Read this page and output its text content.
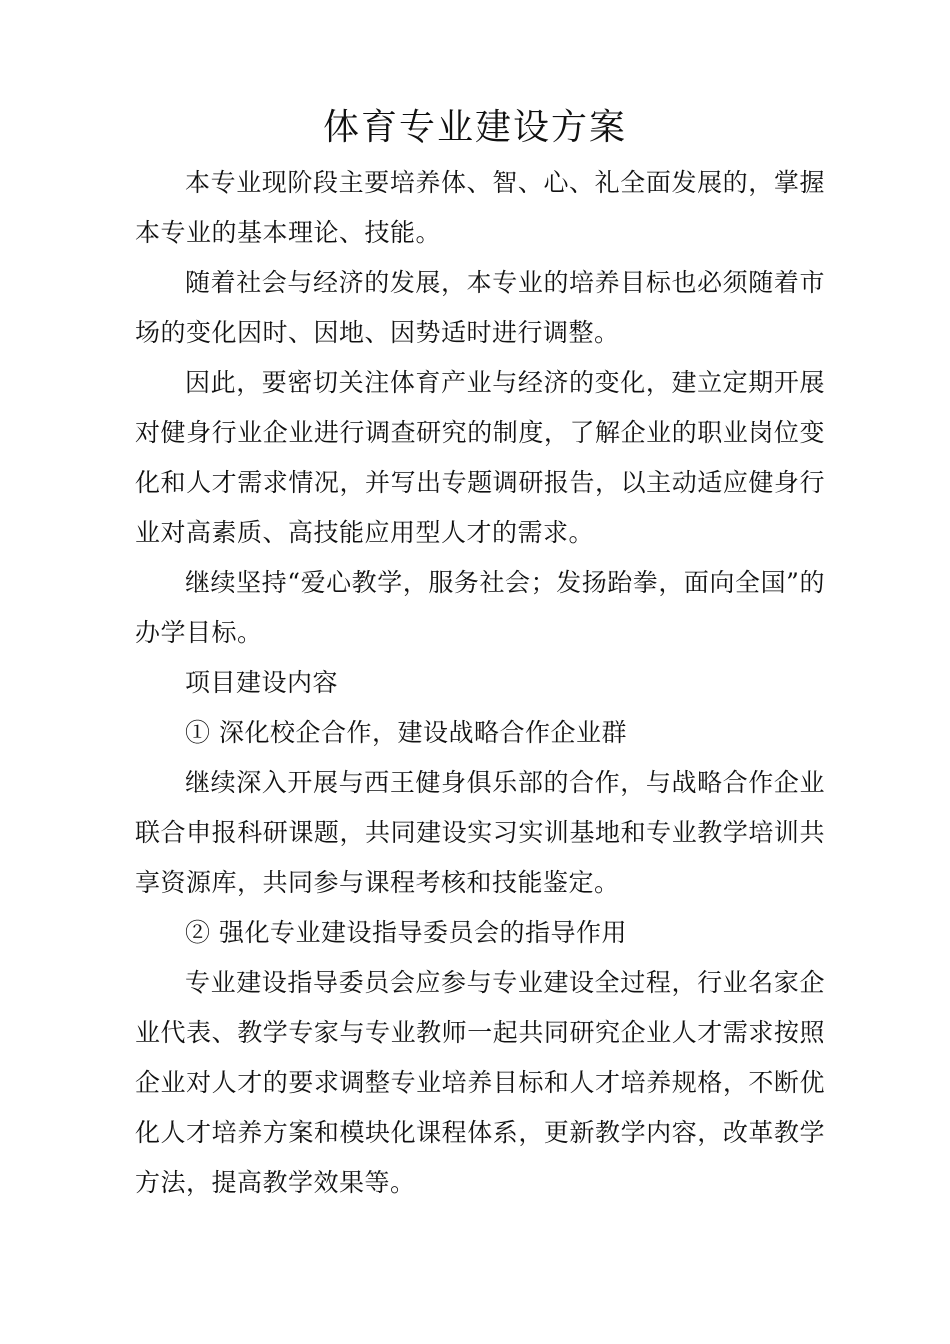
体育专业建设方案

本专业现阶段主要培养体、智、心、礼全面发展的，掌握本专业的基本理论、技能。

随着社会与经济的发展，本专业的培养目标也必须随着市场的变化因时、因地、因势适时进行调整。

因此，要密切关注体育产业与经济的变化，建立定期开展对健身行业企业进行调查研究的制度，了解企业的职业岗位变化和人才需求情况，并写出专题调研报告，以主动适应健身行业对高素质、高技能应用型人才的需求。

继续坚持“爱心教学，服务社会；发扬跆拳，面向全国”的办学目标。

项目建设内容

① 深化校企合作，建设战略合作企业群

继续深入开展与西王健身俱乐部的合作，与战略合作企业联合申报科研课题，共同建设实习实训基地和专业教学培训共享资源库，共同参与课程考核和技能鉴定。

② 强化专业建设指导委员会的指导作用

专业建设指导委员会应参与专业建设全过程，行业名家企业代表、教学专家与专业教师一起共同研究企业人才需求按照企业对人才的要求调整专业培养目标和人才培养规格，不断优化人才培养方案和模块化课程体系，更新教学内容，改革教学方法，提高教学效果等。
